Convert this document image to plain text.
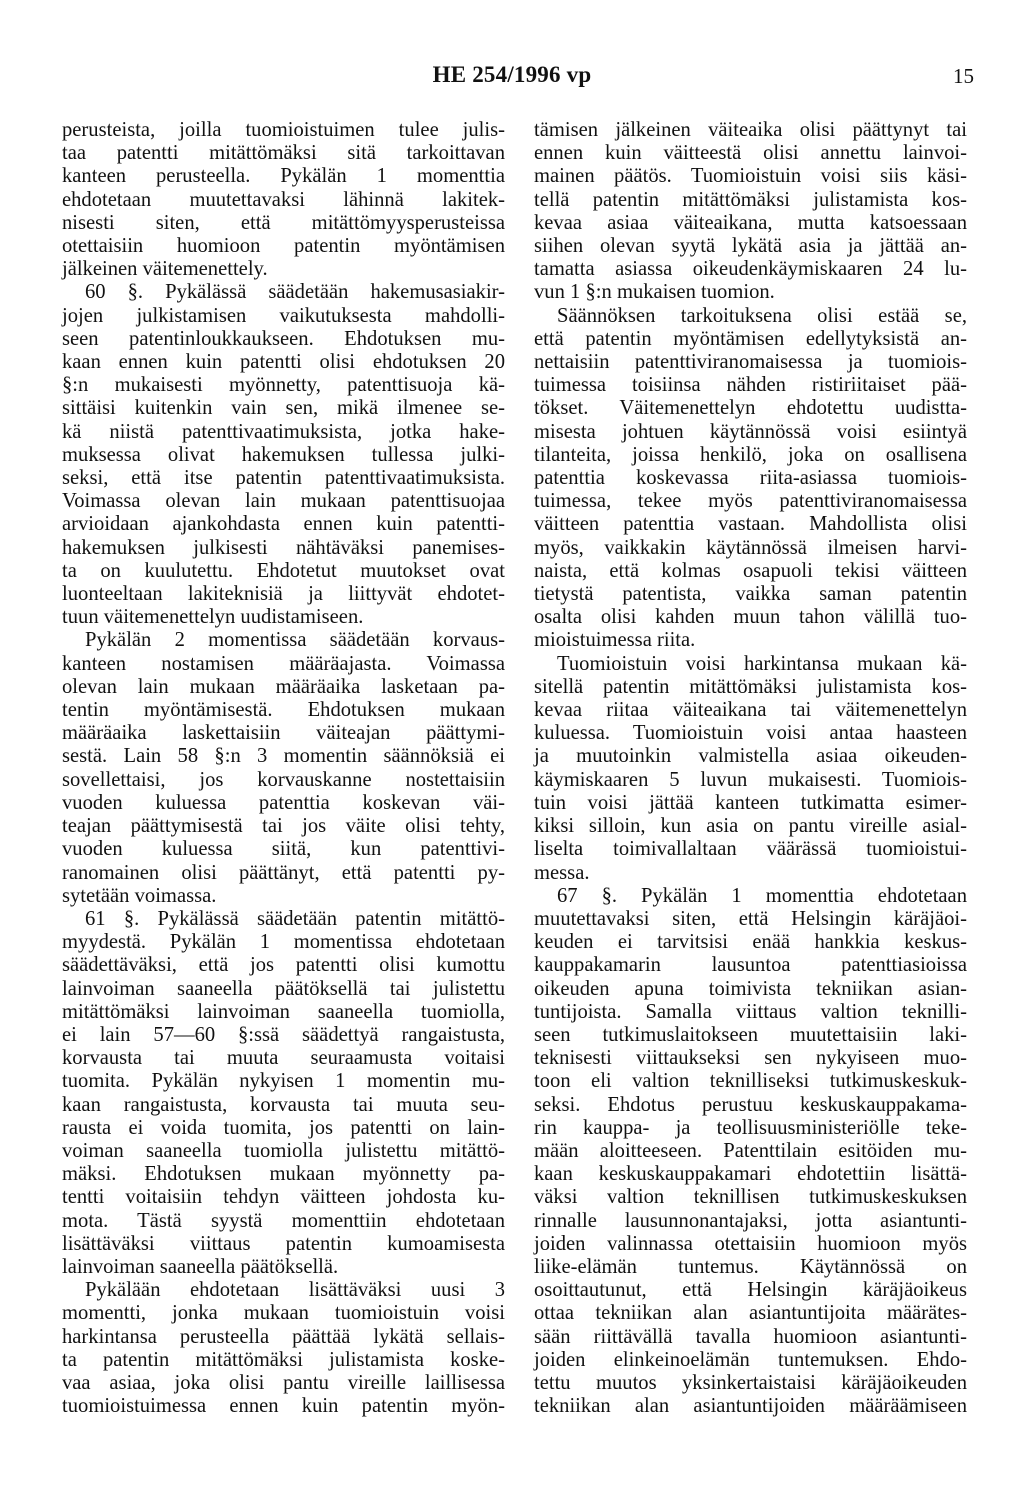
HE 254/1996 vp	15
perusteista, joilla tuomioistuimen tulee julis-
taa patentti mitättömäksi sitä tarkoittavan
kanteen perusteella. Pykälän 1 momenttia
ehdotetaan muutettavaksi lähinnä lakitek-
nisesti siten, että mitättömyysperusteissa
otettaisiin huomioon patentin myöntämisen
jälkeinen väitemenettely.
60 §. Pykälässä säädetään hakemusasiakir-
jojen julkistamisen vaikutuksesta mahdolli-
seen patentinloukkaukseen. Ehdotuksen mu-
kaan ennen kuin patentti olisi ehdotuksen 20
§:n mukaisesti myönnetty, patenttisuoja kä-
sittäisi kuitenkin vain sen, mikä ilmenee se-
kä niistä patenttivaatimuksista, jotka hake-
muksessa olivat hakemuksen tullessa julki-
seksi, että itse patentin patenttivaatimuksista.
Voimassa olevan lain mukaan patenttisuojaa
arvioidaan ajankohdasta ennen kuin patentti-
hakemuksen julkisesti nähtäväksi panemises-
ta on kuulutettu. Ehdotetut muutokset ovat
luonteeltaan lakiteknisiä ja liittyvät ehdotet-
tuun väitemenettelyn uudistamiseen.
Pykälän 2 momentissa säädetään korvaus-
kanteen nostamisen määräajasta. Voimassa
olevan lain mukaan määräaika lasketaan pa-
tentin myöntämisestä. Ehdotuksen mukaan
määräaika laskettaisiin väiteajan päättymi-
sestä. Lain 58 §:n 3 momentin säännöksiä ei
sovellettaisi, jos korvauskanne nostettaisiin
vuoden kuluessa patenttia koskevan väi-
teajan päättymisestä tai jos väite olisi tehty,
vuoden kuluessa siitä, kun patenttivi-
ranomainen olisi päättänyt, että patentti py-
sytetään voimassa.
61 §. Pykälässä säädetään patentin mitättö-
myydestä. Pykälän 1 momentissa ehdotetaan
säädettäväksi, että jos patentti olisi kumottu
lainvoiman saaneella päätöksellä tai julistettu
mitättömäksi lainvoiman saaneella tuomiolla,
ei lain 57—60 §:ssä säädettyä rangaistusta,
korvausta tai muuta seuraamusta voitaisi
tuomita. Pykälän nykyisen 1 momentin mu-
kaan rangaistusta, korvausta tai muuta seu-
rausta ei voida tuomita, jos patentti on lain-
voiman saaneella tuomiolla julistettu mitättö-
mäksi. Ehdotuksen mukaan myönnetty pa-
tentti voitaisiin tehdyn väitteen johdosta ku-
mota. Tästä syystä momenttiin ehdotetaan
lisättäväksi viittaus patentin kumoamisesta
lainvoiman saaneella päätöksellä.
Pykälään ehdotetaan lisättäväksi uusi 3
momentti, jonka mukaan tuomioistuin voisi
harkintansa perusteella päättää lykätä sellais-
ta patentin mitättömäksi julistamista koske-
vaa asiaa, joka olisi pantu vireille laillisessa
tuomioistuimessa ennen kuin patentin myön-
tämisen jälkeinen väiteaika olisi päättynyt tai
ennen kuin väitteestä olisi annettu lainvoi-
mainen päätös. Tuomioistuin voisi siis käsi-
tellä patentin mitättömäksi julistamista kos-
kevaa asiaa väiteaikana, mutta katsoessaan
siihen olevan syytä lykätä asia ja jättää an-
tamatta asiassa oikeudenkäymiskaaren 24 lu-
vun 1 §:n mukaisen tuomion.
Säännöksen tarkoituksena olisi estää se,
että patentin myöntämisen edellytyksistä an-
nettaisiin patenttiviranomaisessa ja tuomiois-
tuimessa toisiinsa nähden ristiriitaiset pää-
tökset. Väitemenettelyn ehdotettu uudistta-
misesta johtuen käytännössä voisi esiintyä
tilanteita, joissa henkilö, joka on osallisena
patenttia koskevassa riita-asiassa tuomiois-
tuimessa, tekee myös patenttiviranomaisessa
väitteen patenttia vastaan. Mahdollista olisi
myös, vaikkakin käytännössä ilmeisen harvi-
naista, että kolmas osapuoli tekisi väitteen
tietystä patentista, vaikka saman patentin
osalta olisi kahden muun tahon välillä tuo-
mioistuimessa riita.
Tuomioistuin voisi harkintansa mukaan kä-
sitellä patentin mitättömäksi julistamista kos-
kevaa riitaa väiteaikana tai väitemenettelyn
kuluessa. Tuomioistuin voisi antaa haasteen
ja muutoinkin valmistella asiaa oikeuden-
käymiskaaren 5 luvun mukaisesti. Tuomiois-
tuin voisi jättää kanteen tutkimatta esimer-
kiksi silloin, kun asia on pantu vireille asial-
liselta toimivallaltaan väärässä tuomioistui-
messa.
67 §. Pykälän 1 momenttia ehdotetaan
muutettavaksi siten, että Helsingin käräjäoi-
keuden ei tarvitsisi enää hankkia keskus-
kauppakamarin lausuntoa patenttiasioissa
oikeuden apuna toimivista tekniikan asian-
tuntijoista. Samalla viittaus valtion teknilli-
seen tutkimuslaitokseen muutettaisiin laki-
teknisesti viittaukseksi sen nykyiseen muo-
toon eli valtion teknilliseksi tutkimuskeskuk-
seksi. Ehdotus perustuu keskuskauppakama-
rin kauppa- ja teollisuusministeriölle teke-
mään aloitteeseen. Patenttilain esitöiden mu-
kaan keskuskauppakamari ehdotettiin lisättä-
väksi valtion teknillisen tutkimuskeskuksen
rinnalle lausunnonantajaksi, jotta asiantunti-
joiden valinnassa otettaisiin huomioon myös
liike-elämän tuntemus. Käytännössä on
osoittautunut, että Helsingin käräjäoikeus
ottaa tekniikan alan asiantuntijoita määrätes-
sään riittävällä tavalla huomioon asiantunti-
joiden elinkeinoelämän tuntemuksen. Ehdo-
tettu muutos yksinkertaistaisi käräjäoikeuden
tekniikan alan asiantuntijoiden määräämiseen
